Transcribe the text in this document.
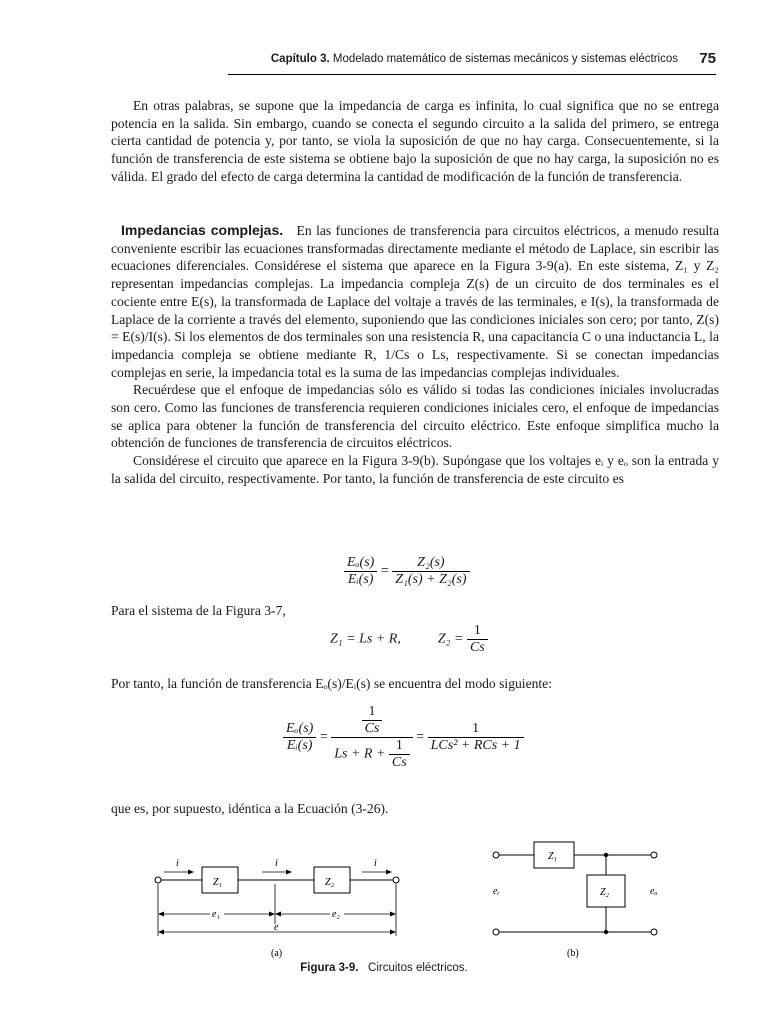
Capítulo 3. Modelado matemático de sistemas mecánicos y sistemas eléctricos 75

En otras palabras, se supone que la impedancia de carga es infinita, lo cual significa que no se entrega potencia en la salida. Sin embargo, cuando se conecta el segundo circuito a la salida del primero, se entrega cierta cantidad de potencia y, por tanto, se viola la suposición de que no hay carga. Consecuentemente, si la función de transferencia de este sistema se obtiene bajo la suposición de que no hay carga, la suposición no es válida. El grado del efecto de carga determina la cantidad de modificación de la función de transferencia.

Impedancias complejas. En las funciones de transferencia para circuitos eléctricos, a menudo resulta conveniente escribir las ecuaciones transformadas directamente mediante el método de Laplace, sin escribir las ecuaciones diferenciales. Considérese el sistema que aparece en la Figura 3-9(a). En este sistema, Z₁ y Z₂ representan impedancias complejas. La impedancia compleja Z(s) de un circuito de dos terminales es el cociente entre E(s), la transformada de Laplace del voltaje a través de las terminales, e I(s), la transformada de Laplace de la corriente a través del elemento, suponiendo que las condiciones iniciales son cero; por tanto, Z(s) = E(s)/I(s). Si los elementos de dos terminales son una resistencia R, una capacitancia C o una inductancia L, la impedancia compleja se obtiene mediante R, 1/Cs o Ls, respectivamente. Si se conectan impedancias complejas en serie, la impedancia total es la suma de las impedancias complejas individuales.

Recuérdese que el enfoque de impedancias sólo es válido si todas las condiciones iniciales involucradas son cero. Como las funciones de transferencia requieren condiciones iniciales cero, el enfoque de impedancias se aplica para obtener la función de transferencia del circuito eléctrico. Este enfoque simplifica mucho la obtención de funciones de transferencia de circuitos eléctricos.

Considérese el circuito que aparece en la Figura 3-9(b). Supóngase que los voltajes eᵢ y eₒ son la entrada y la salida del circuito, respectivamente. Por tanto, la función de transferencia de este circuito es

$\frac{\text{Eₒ(s)}}{\text{Eᵢ(s)}} = \frac{\text{Z₂(s)}}{\text{Z₁(s) + Z₂(s)}}$

Para el sistema de la Figura 3-7,

Z₁ = Ls + R,	$Z_2 = \frac{1}{Cs}$

Por tanto, la función de transferencia Eₒ(s)/Eᵢ(s) se encuentra del modo siguiente:

$\frac{\text{Eₒ(s)}}{\text{Eᵢ(s)}} = \frac{\frac{1}{Cs}}{Ls + R + \frac{1}{Cs}} = \frac{1}{\text{LCs² + RCs + 1}}$

que es, por supuesto, idéntica a la Ecuación (3-26).

i	i	i
Z₁	Z₂
e₁	e₂
e
(a)
Z₁
Z₂
eᵢ	eₒ
(b)
Figura 3-9. Circuitos eléctricos.
